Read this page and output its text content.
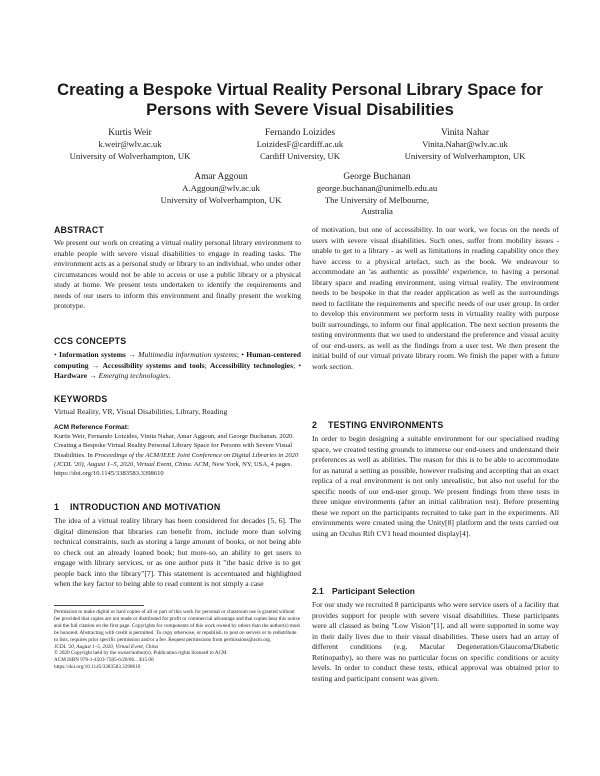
Creating a Bespoke Virtual Reality Personal Library Space for Persons with Severe Visual Disabilities
Kurtis Weir
k.weir@wlv.ac.uk
University of Wolverhampton, UK
Fernando Loizides
LoizidesF@cardiff.ac.uk
Cardiff University, UK
Vinita Nahar
Vinita.Nahar@wlv.ac.uk
University of Wolverhampton, UK
Amar Aggoun
A.Aggoun@wlv.ac.uk
University of Wolverhampton, UK
George Buchanan
george.buchanan@unimelb.edu.au
The University of Melbourne,
Australia
ABSTRACT

We present our work on creating a virtual reality personal library environment to enable people with severe visual disabilities to engage in reading tasks. The environment acts as a personal study or library to an individual, who under other circumstances would not be able to access or use a public library or a physical study at home. We present tests undertaken to identify the requirements and needs of our users to inform this environment and finally present the working prototype.

CCS CONCEPTS
• Information systems → Multimedia information systems; • Human-centered computing → Accessibility systems and tools; Accessibility technologies; • Hardware → Emerging technologies.
KEYWORDS
Virtual Reality, VR, Visual Disabilities, Library, Reading
ACM Reference Format:
Kurtis Weir, Fernando Loizides, Vinita Nahar, Amar Aggoun, and George Buchanan. 2020. Creating a Bespoke Virtual Reality Personal Library Space for Persons with Severe Visual Disabilities. In Proceedings of the ACM/IEEE Joint Conference on Digital Libraries in 2020 (JCDL '20), August 1–5, 2020, Virtual Event, China. ACM, New York, NY, USA, 4 pages. https://doi.org/10.1145/3383583.3398610
1 INTRODUCTION AND MOTIVATION

The idea of a virtual reality library has been considered for decades [5, 6]. The digital dimension that libraries can benefit from, include more than solving technical constraints, such as storing a large amount of books, or not being able to check out an already loaned book; but more-so, an ability to get users to engage with library services, or as one author puts it "the basic drive is to get people back into the library"[7]. This statement is accentuated and highlighted when the key factor to being able to read content is not simply a case

Permission to make digital or hard copies of all or part of this work for personal or classroom use is granted without fee provided that copies are not made or distributed for profit or commercial advantage and that copies bear this notice and the full citation on the first page. Copyrights for components of this work owned by others than the author(s) must be honored. Abstracting with credit is permitted. To copy otherwise, or republish, to post on servers or to redistribute to lists, requires prior specific permission and/or a fee. Request permissions from permissions@acm.org.
JCDL '20, August 1–5, 2020, Virtual Event, China
© 2020 Copyright held by the owner/author(s). Publication rights licensed to ACM.
ACM ISBN 978-1-4503-7585-6/20/06... $15.00
https://doi.org/10.1145/3383583.3398610

of motivation, but one of accessibility. In our work, we focus on the needs of users with severe visual disabilities. Such ones, suffer from mobility issues - unable to get to a library - as well as limitations in reading capability once they have access to a physical artefact, such as the book. We endeavour to accommodate an 'as authentic as possible' experience, to having a personal library space and reading environment, using virtual reality. The environment needs to be bespoke in that the reader application as well as the surroundings need to facilitate the requirements and specific needs of our user group. In order to develop this environment we perform tests in virtuality reality with purpose built surroundings, to inform our final application. The next section presents the testing environments that we used to understand the preference and visual acuity of our end-users, as well as the findings from a user test. We then present the initial build of our virtual private library room. We finish the paper with a future work section.

2 TESTING ENVIRONMENTS

In order to begin designing a suitable environment for our specialised reading space, we created testing grounds to immerse our end-users and understand their preferences as well as abilities. The reason for this is to be able to accommodate for as natural a setting as possible, however realising and accepting that an exact replica of a real environment is not only unrealistic, but also not useful for the specific needs of our end-user group. We present findings from three tests in three unique environments (after an initial calibration test). Before presenting these we report on the participants recruited to take part in the experiments. All environments were created using the Unity[8] platform and the tests carried out using an Oculus Rift CV1 head mounted display[4].

2.1 Participant Selection

For our study we recruited 8 participants who were service users of a facility that provides support for people with severe visual disabilities. These participants were all classed as being "Low Vision"[1], and all were supported in some way in their daily lives due to their visual disabilities. These users had an array of different conditions (e.g. Macular Degeneration/Glaucoma/Diabetic Retinopathy), so there was no particular focus on specific conditions or acuity levels. In order to conduct these tests, ethical approval was obtained prior to testing and participant consent was given.
